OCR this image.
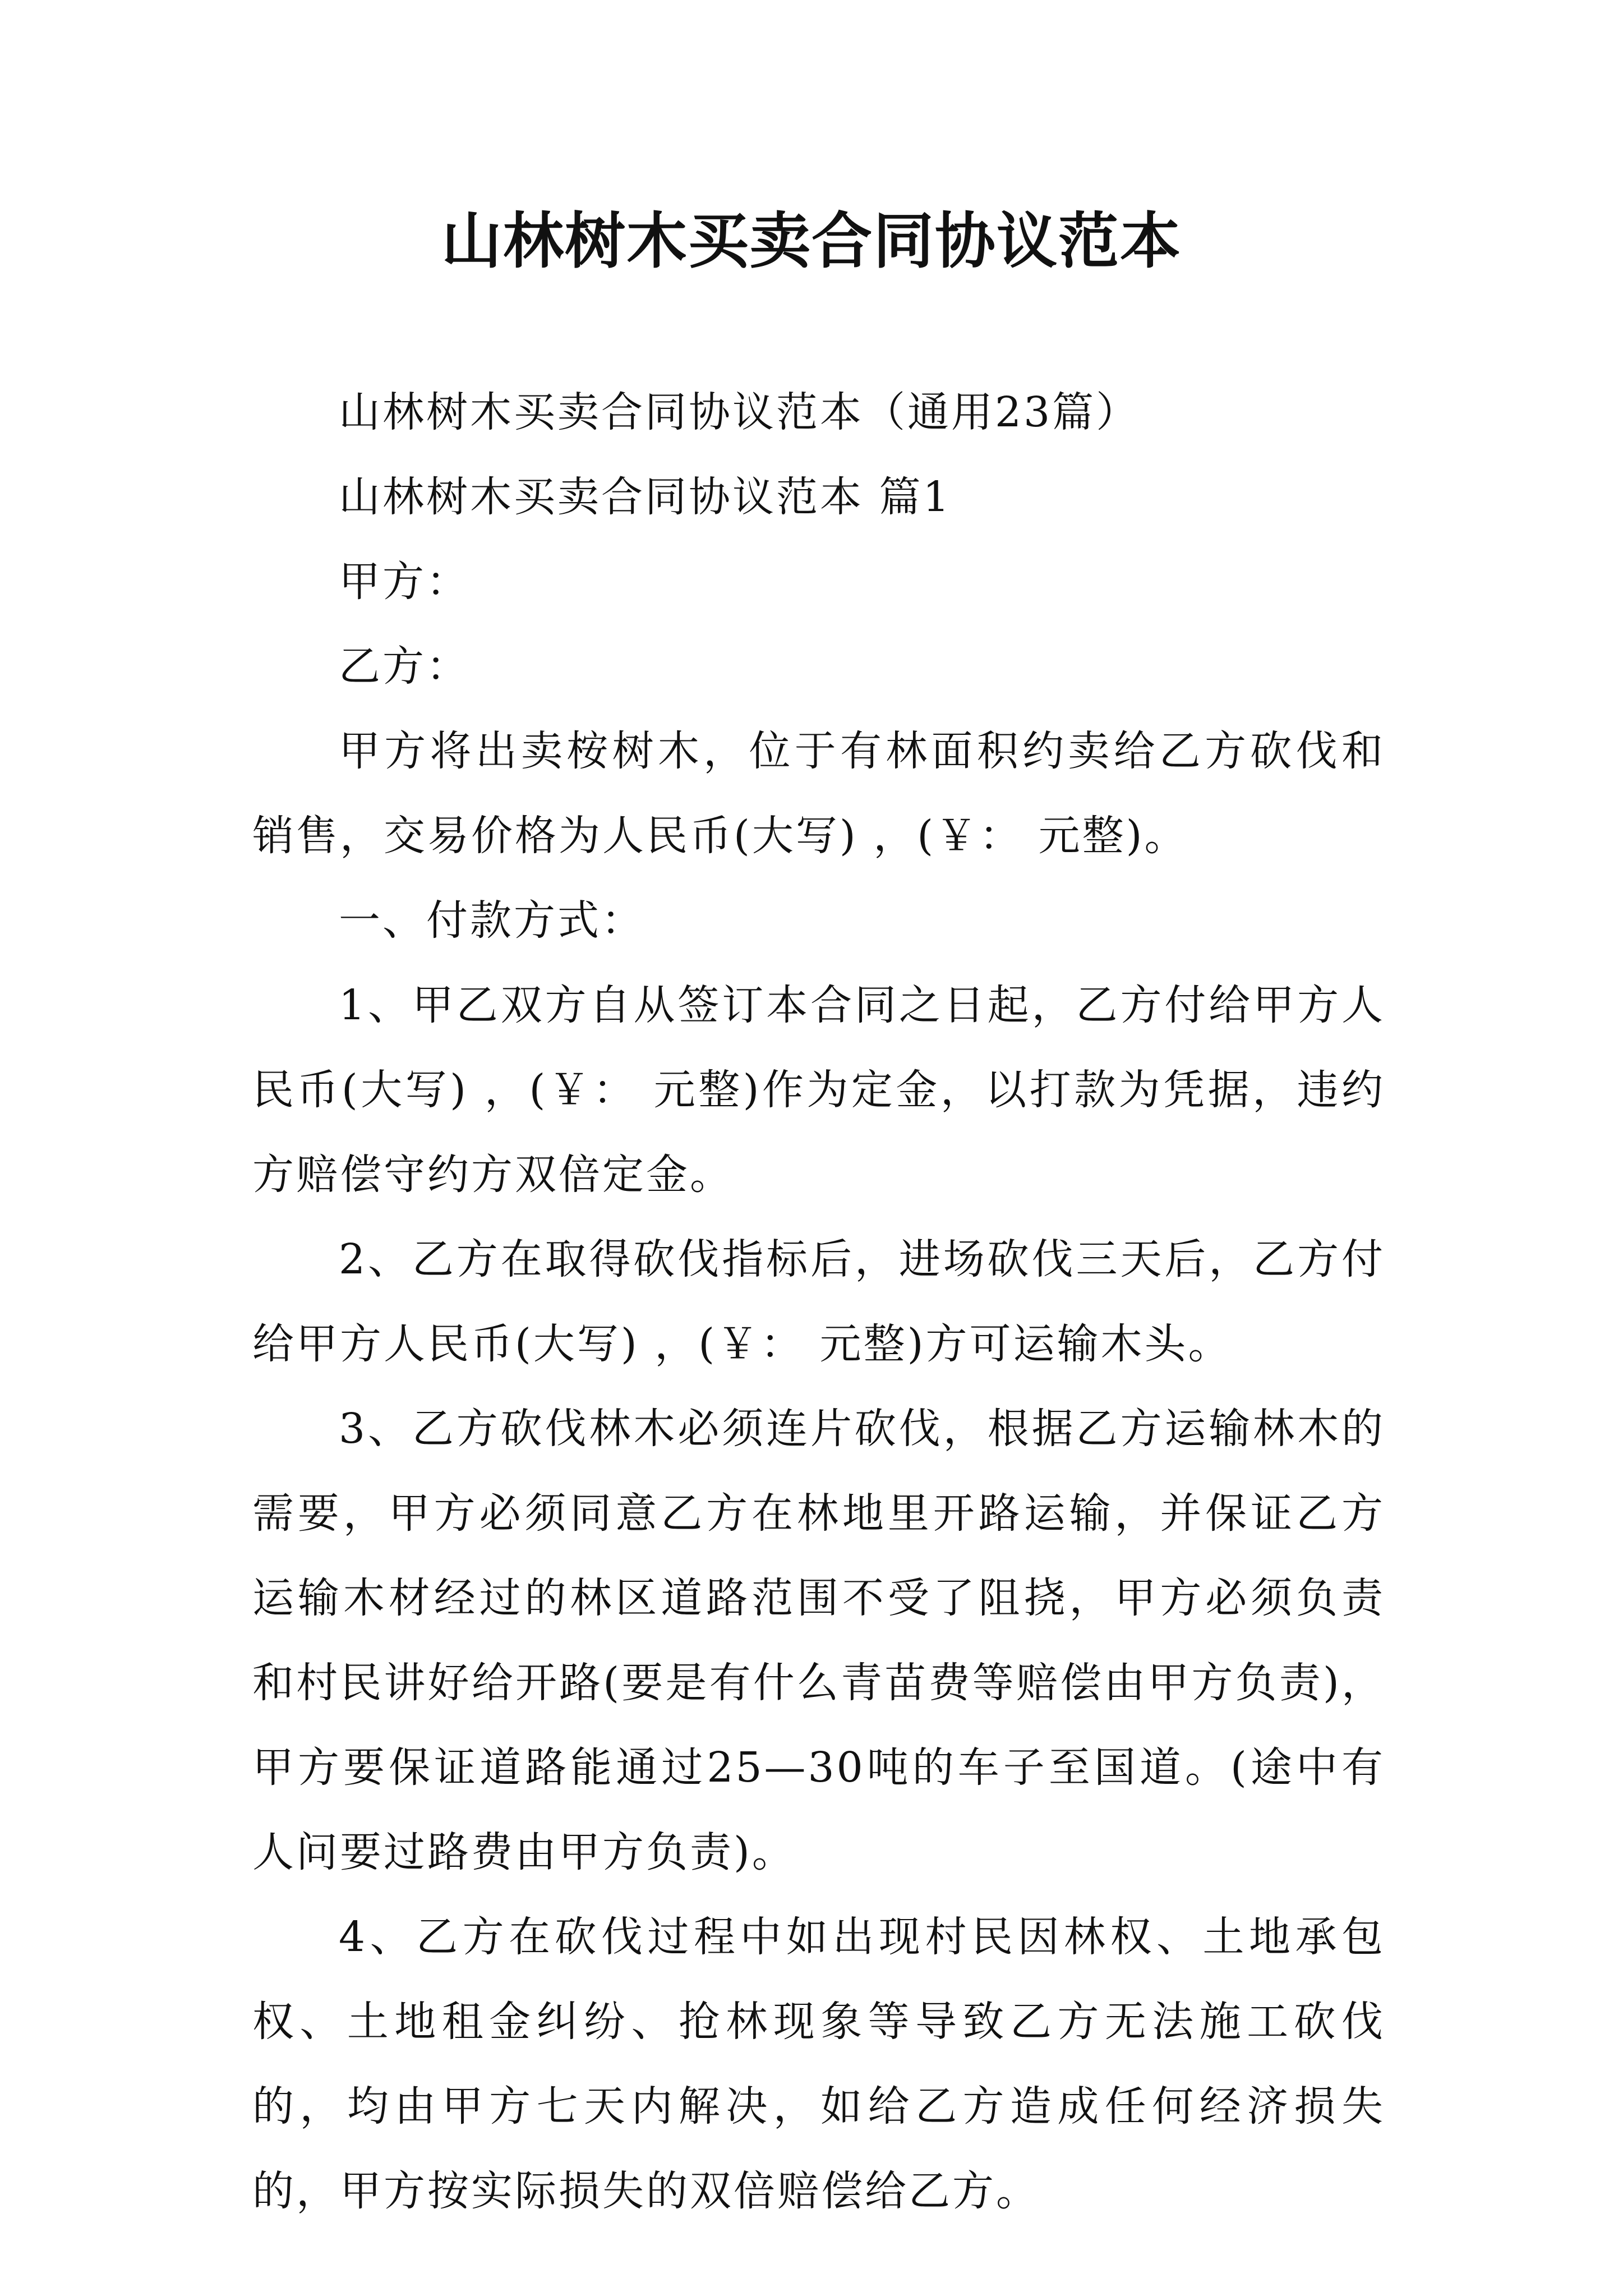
山林树木买卖合同协议范本

山林树木买卖合同协议范本（通用23篇）

山林树木买卖合同协议范本 篇1

甲方：

乙方：

甲方将出卖桉树木，位于有林面积约卖给乙方砍伐和销售，交易价格为人民币(大写) ，(￥： 元整)。

一、付款方式：

1、甲乙双方自从签订本合同之日起，乙方付给甲方人民币(大写) ，(￥： 元整)作为定金，以打款为凭据，违约方赔偿守约方双倍定金。

2、乙方在取得砍伐指标后，进场砍伐三天后，乙方付给甲方人民币(大写) ，(￥： 元整)方可运输木头。

3、乙方砍伐林木必须连片砍伐，根据乙方运输林木的需要，甲方必须同意乙方在林地里开路运输，并保证乙方运输木材经过的林区道路范围不受了阻挠，甲方必须负责和村民讲好给开路(要是有什么青苗费等赔偿由甲方负责)，甲方要保证道路能通过25—30吨的车子至国道。(途中有人问要过路费由甲方负责)。

4、乙方在砍伐过程中如出现村民因林权、土地承包权、土地租金纠纷、抢林现象等导致乙方无法施工砍伐的，均由甲方七天内解决，如给乙方造成任何经济损失的，甲方按实际损失的双倍赔偿给乙方。
